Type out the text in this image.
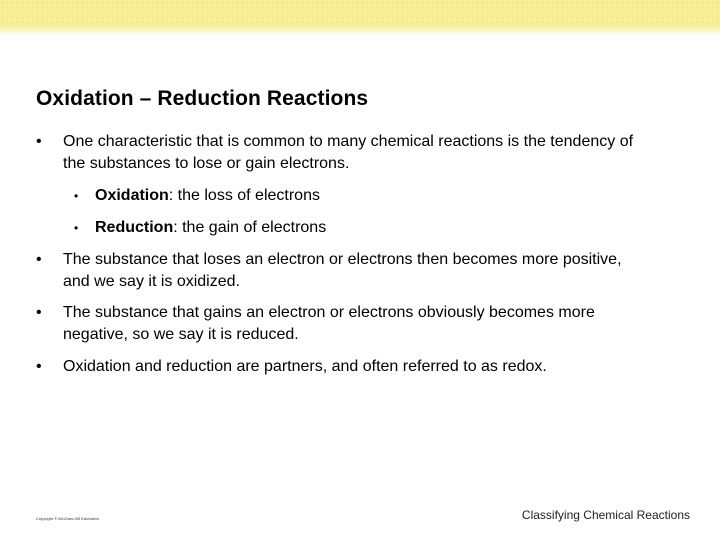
Oxidation – Reduction Reactions
•	One characteristic that is common to many chemical reactions is the tendency of the substances to lose or gain electrons.
• Oxidation: the loss of electrons
• Reduction: the gain of electrons
•	The substance that loses an electron or electrons then becomes more positive, and we say it is oxidized.
•	The substance that gains an electron or electrons obviously becomes more negative, so we say it is reduced.
•	Oxidation and reduction are partners, and often referred to as redox.
Copyright © McGraw-Hill Education	Classifying Chemical Reactions
